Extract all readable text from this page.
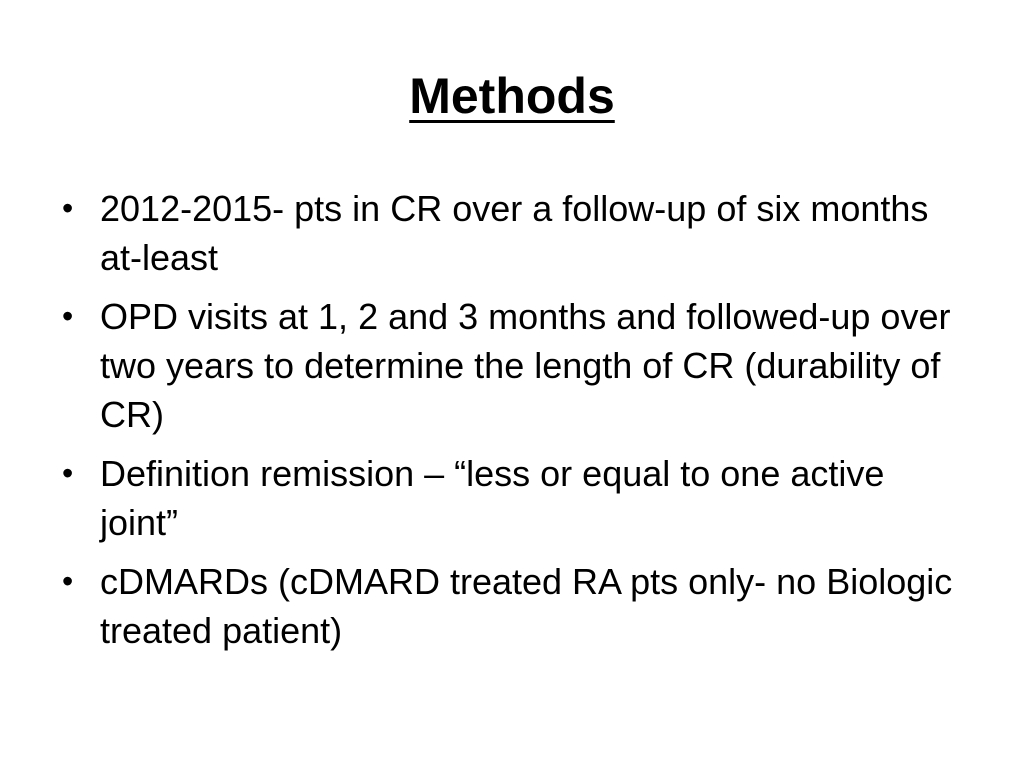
Methods
• 2012-2015- pts in CR over a follow-up of six months at-least
• OPD visits at 1, 2 and 3 months and followed-up over two years to determine the length of CR (durability of CR)
• Definition remission – “less or equal to one active joint”
• cDMARDs (cDMARD treated RA pts only- no Biologic treated patient)
